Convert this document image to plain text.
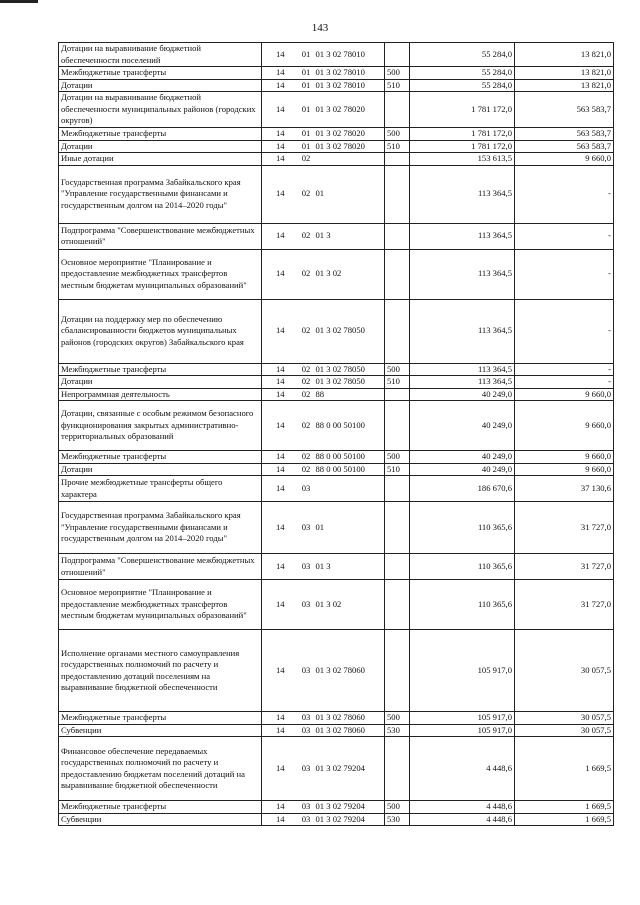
143
Дотации на выравнивание бюджетной обеспеченности поселений	14	01	01 3 02 78010		55 284,0	13 821,0
Межбюджетные трансферты	14	01	01 3 02 78010	500	55 284,0	13 821,0
Дотации	14	01	01 3 02 78010	510	55 284,0	13 821,0
Дотации на выравнивание бюджетной обеспеченности муниципальных районов (городских округов)	14	01	01 3 02 78020		1 781 172,0	563 583,7
Межбюджетные трансферты	14	01	01 3 02 78020	500	1 781 172,0	563 583,7
Дотации	14	01	01 3 02 78020	510	1 781 172,0	563 583,7
Иные дотации	14	02			153 613,5	9 660,0
Государственная программа Забайкальского края "Управление государственными финансами и государственным долгом на 2014–2020 годы"	14	02	01		113 364,5	-
Подпрограмма "Совершенствование межбюджетных отношений"	14	02	01 3		113 364,5	-
Основное мероприятие "Планирование и предоставление межбюджетных трансфертов местным бюджетам муниципальных образований"	14	02	01 3 02		113 364,5	-
Дотации на поддержку мер по обеспечению сбалансированности бюджетов муниципальных районов (городских округов) Забайкальского края	14	02	01 3 02 78050		113 364,5	-
Межбюджетные трансферты	14	02	01 3 02 78050	500	113 364,5	-
Дотации	14	02	01 3 02 78050	510	113 364,5	-
Непрограммная деятельность	14	02	88		40 249,0	9 660,0
Дотации, связанные с особым режимом безопасного функционирования закрытых административно-территориальных образований	14	02	88 0 00 50100		40 249,0	9 660,0
Межбюджетные трансферты	14	02	88 0 00 50100	500	40 249,0	9 660,0
Дотации	14	02	88 0 00 50100	510	40 249,0	9 660,0
Прочие межбюджетные трансферты общего характера	14	03			186 670,6	37 130,6
Государственная программа Забайкальского края "Управление государственными финансами и государственным долгом на 2014–2020 годы"	14	03	01		110 365,6	31 727,0
Подпрограмма "Совершенствование межбюджетных отношений"	14	03	01 3		110 365,6	31 727,0
Основное мероприятие "Планирование и предоставление межбюджетных трансфертов местным бюджетам муниципальных образований"	14	03	01 3 02		110 365,6	31 727,0
Исполнение органами местного самоуправления государственных полномочий по расчету и предоставлению дотаций поселениям на выравнивание бюджетной обеспеченности	14	03	01 3 02 78060		105 917,0	30 057,5
Межбюджетные трансферты	14	03	01 3 02 78060	500	105 917,0	30 057,5
Субвенции	14	03	01 3 02 78060	530	105 917,0	30 057,5
Финансовое обеспечение передаваемых государственных полномочий по расчету и предоставлению бюджетам поселений дотаций на выравнивание бюджетной обеспеченности	14	03	01 3 02 79204		4 448,6	1 669,5
Межбюджетные трансферты	14	03	01 3 02 79204	500	4 448,6	1 669,5
Субвенции	14	03	01 3 02 79204	530	4 448,6	1 669,5
